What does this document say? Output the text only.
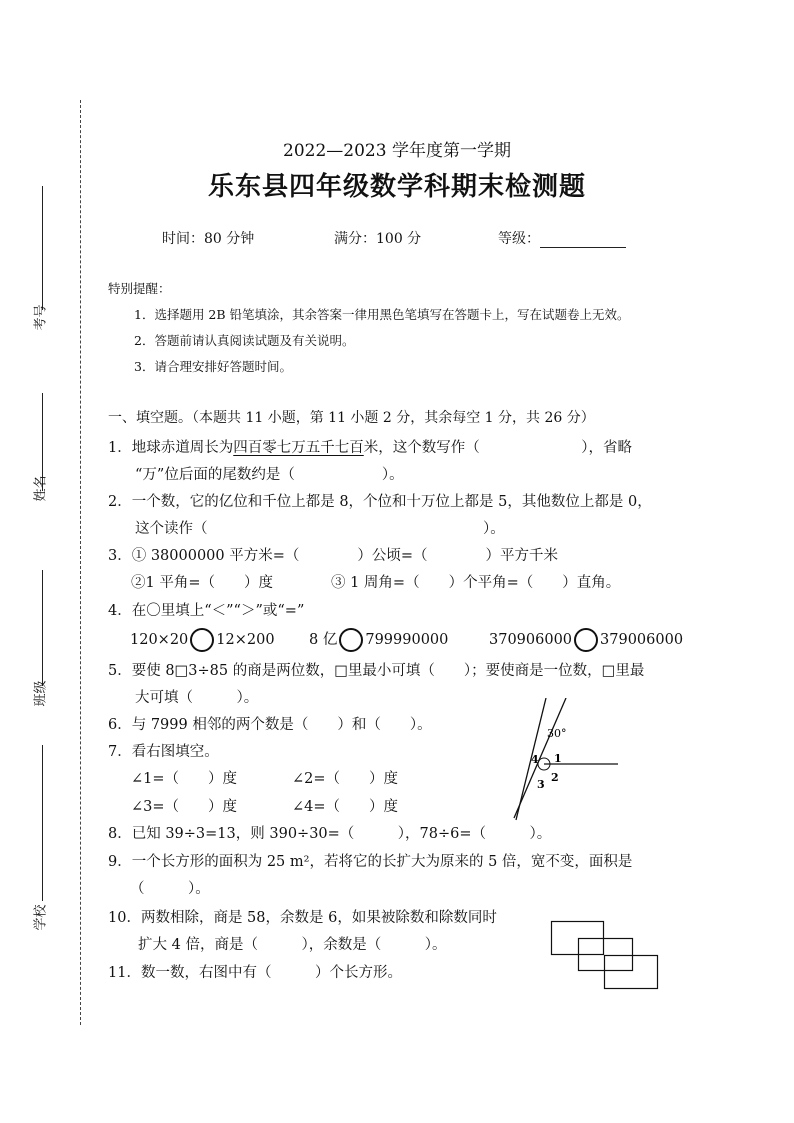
考号
姓名
班级
学校
2022—2023 学年度第一学期
乐东县四年级数学科期末检测题
时间：80 分钟	满分：100 分	等级：
特别提醒：
1．选择题用 2B 铅笔填涂，其余答案一律用黑色笔填写在答题卡上，写在试题卷上无效。
2．答题前请认真阅读试题及有关说明。
3．请合理安排好答题时间。
一、填空题。（本题共 11 小题，第 11 小题 2 分，其余每空 1 分，共 26 分）
1．地球赤道周长为四百零七万五千七百米，这个数写作（　　　　　　　），省略
“万”位后面的尾数约是（　　　　　　）。
2．一个数，它的亿位和千位上都是 8，个位和十万位上都是 5，其他数位上都是 0，
这个读作（　　　　　　　　　　　　　　　　　　　）。
3．① 38000000 平方米=（　　　　）公顷=（　　　　）平方千米
②1 平角=（　　）度　　　　③ 1 周角=（　　）个平角=（　　）直角。
4．在〇里填上“＜”“＞”或“=”
120×20 12×200 8 亿 799990000	370906000 379006000
5．要使 8□3÷85 的商是两位数，□里最小可填（　　）；要使商是一位数，□里最
大可填（　　　）。
6．与 7999 相邻的两个数是（　　）和（　　）。
7．看右图填空。
∠1=（　　）度	∠2=（　　）度
∠3=（　　）度	∠4=（　　）度
8．已知 39÷3=13，则 390÷30=（　　　），78÷6=（　　　）。
9．一个长方形的面积为 25 m²，若将它的长扩大为原来的 5 倍，宽不变，面积是
（　　　）。
10．两数相除，商是 58，余数是 6，如果被除数和除数同时
扩大 4 倍，商是（　　　），余数是（　　　）。
11．数一数，右图中有（　　　）个长方形。
30°
1
2
3
4
